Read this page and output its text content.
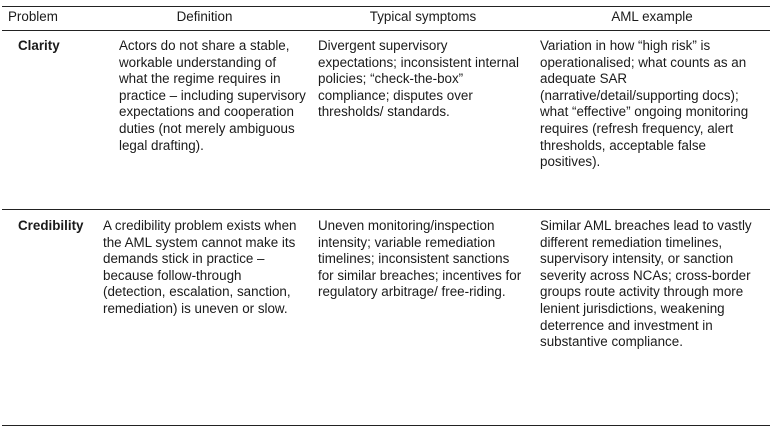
Problem	Definition	Typical symptoms	AML example
Clarity	Actors do not share a stable, workable understanding of what the regime requires in practice – including supervisory expectations and cooperation duties (not merely ambiguous legal drafting).	Divergent supervisory expectations; inconsistent internal policies; “check-the-box” compliance; disputes over thresholds/ standards.	Variation in how “high risk” is operationalised; what counts as an adequate SAR (narrative/detail/supporting docs); what “effective” ongoing monitoring requires (refresh frequency, alert thresholds, acceptable false positives).
Credibility	A credibility problem exists when the AML system cannot make its demands stick in practice – because follow-through (detection, escalation, sanction, remediation) is uneven or slow.	Uneven monitoring/inspection intensity; variable remediation timelines; inconsistent sanctions for similar breaches; incentives for regulatory arbitrage/ free-riding.	Similar AML breaches lead to vastly different remediation timelines, supervisory intensity, or sanction severity across NCAs; cross-border groups route activity through more lenient jurisdictions, weakening deterrence and investment in substantive compliance.
